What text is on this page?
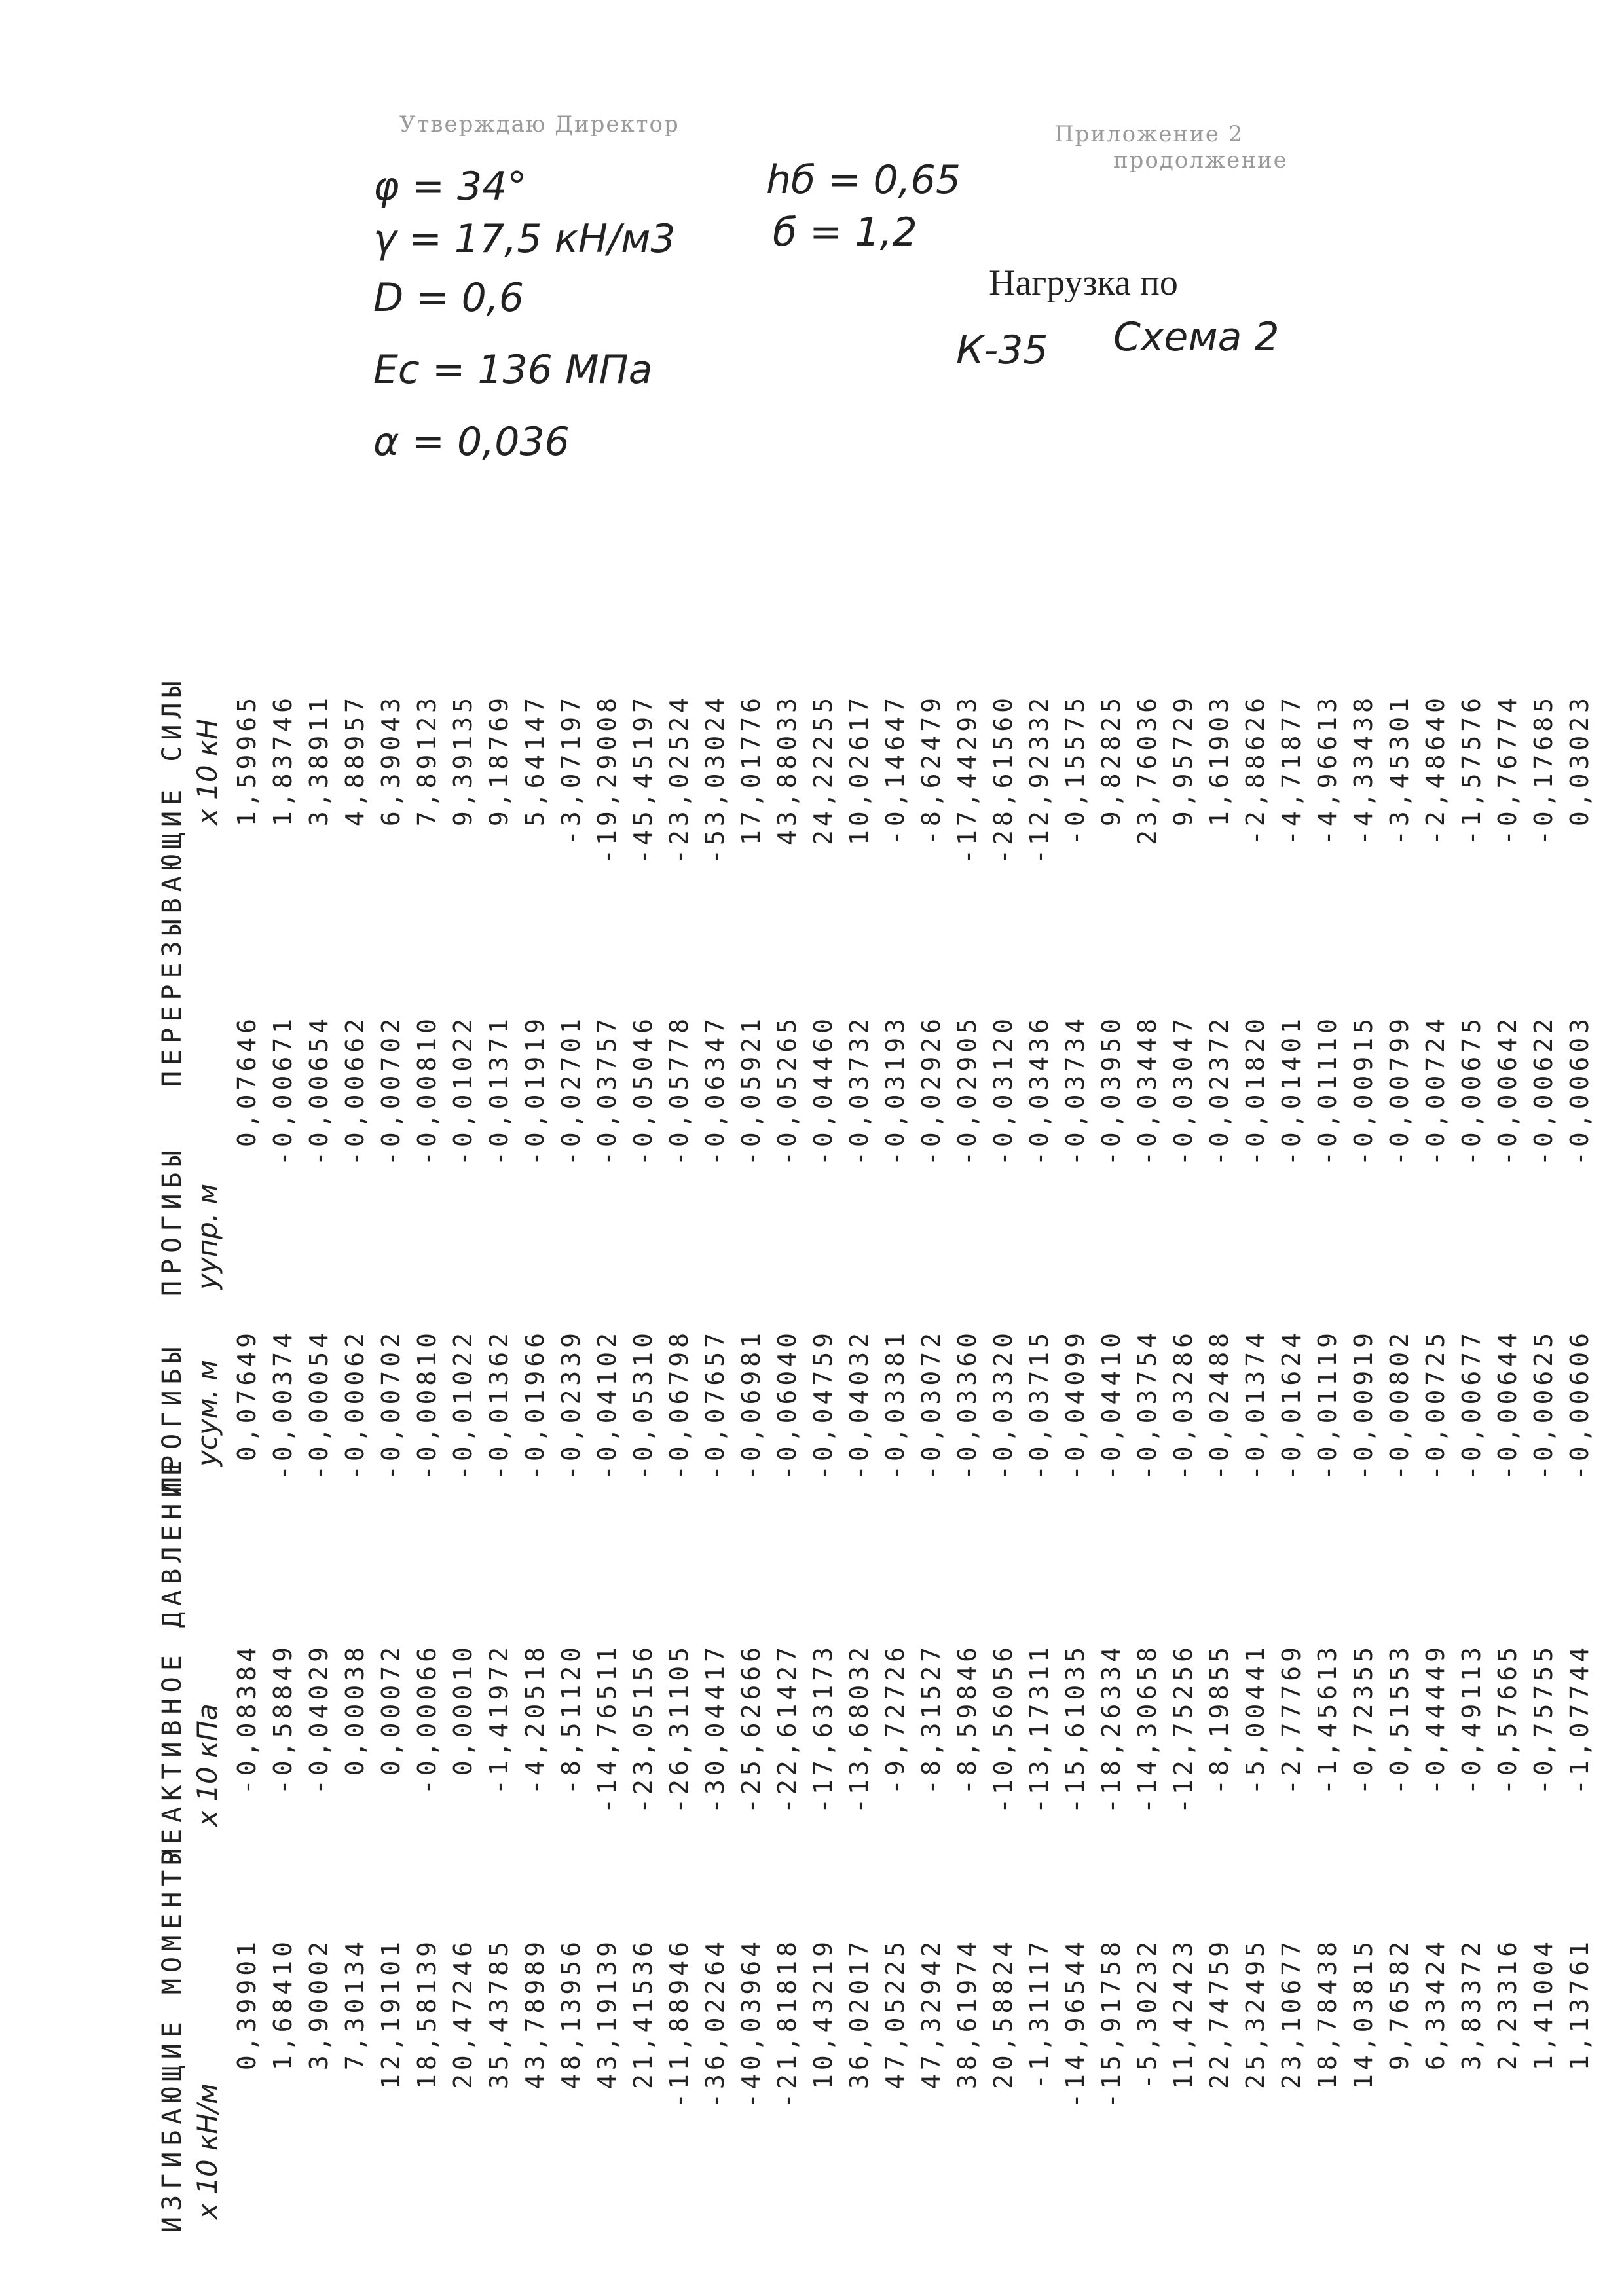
Утверждаю Директор	Приложение 2
продолжение
φ = 34°
γ = 17,5 кН/м3
D = 0,6
Ec = 136 МПа
α = 0,036
hб = 0,65
б = 1,2
Нагрузка по
К-35 Схема 2
ИЗГИБАЮЩИЕ МОМЕНТЫ x 10 кН/м
0,39901 1,68410 3,90002 7,30134 12,19101 18,58139 20,47246 35,43785 43,78989 48,13956 43,19139 21,41536 -11,88946 -36,02264 -40,03964 -21,81818 10,43219 36,02017 47,05225 47,32942 38,61974 20,58824 -1,31117 -14,96544 -15,91758 -5,30232 11,42423 22,74759 25,32495 23,10677 18,78438 14,03815 9,76582 6,33424 3,83372 2,23316 1,41004 1,13761
РЕАКТИВНОЕ ДАВЛЕНИЕ x 10 кПа -0,08384 -0,58849 -0,04029 0,00038 0,00072 -0,00066 0,00010 -1,41972 -4,20518 -8,51120 -14,76511 -23,05156 -26,31105 -30,04417 -25,62666 -22,61427 -17,63173 -13,68032 -9,72726 -8,31527 -8,59846 -10,56056 -13,17311 -15,61035 -18,26334 -14,30658 -12,75256 -8,19855 -5,00441 -2,77769 -1,45613 -0,72355 -0,51553 -0,44449 -0,49113 -0,57665 -0,75755 -1,07744
ПРОГИБЫ yсум. м 0,07649 -0,00374 -0,00054 -0,00062 -0,00702 -0,00810 -0,01022 -0,01362 -0,01966 -0,02339 -0,04102 -0,05310 -0,06798 -0,07657 -0,06981 -0,06040 -0,04759 -0,04032 -0,03381 -0,03072 -0,03360 -0,03320 -0,03715 -0,04099 -0,04410 -0,03754 -0,03286 -0,02488 -0,01374 -0,01624 -0,01119 -0,00919 -0,00802 -0,00725 -0,00677 -0,00644 -0,00625 -0,00606
ПРОГИБЫ yупр. м
0,07646 -0,00671 -0,00654 -0,00662 -0,00702 -0,00810 -0,01022 -0,01371 -0,01919 -0,02701 -0,03757 -0,05046 -0,05778 -0,06347 -0,05921 -0,05265 -0,04460 -0,03732 -0,03193 -0,02926 -0,02905 -0,03120 -0,03436 -0,03734 -0,03950 -0,03448 -0,03047 -0,02372 -0,01820 -0,01401 -0,01110 -0,00915 -0,00799 -0,00724 -0,00675 -0,00642 -0,00622 -0,00603
ПЕРЕРЕЗЫВАЮЩИЕ СИЛЫ x 10 кН 1,59965 1,83746 3,38911 4,88957 6,39043 7,89123 9,39135 9,18769 5,64147 -3,07197 -19,29008 -45,45197 -23,02524 -53,03024 17,01776 43,88033 24,22255 10,02617 -0,14647 -8,62479 -17,44293 -28,61560 -12,92332 -0,15575 9,82825 23,76036 9,95729 1,61903 -2,88626 -4,71877 -4,96613 -4,33438 -3,45301 -2,48640 -1,57576 -0,76774 -0,17685 0,03023
